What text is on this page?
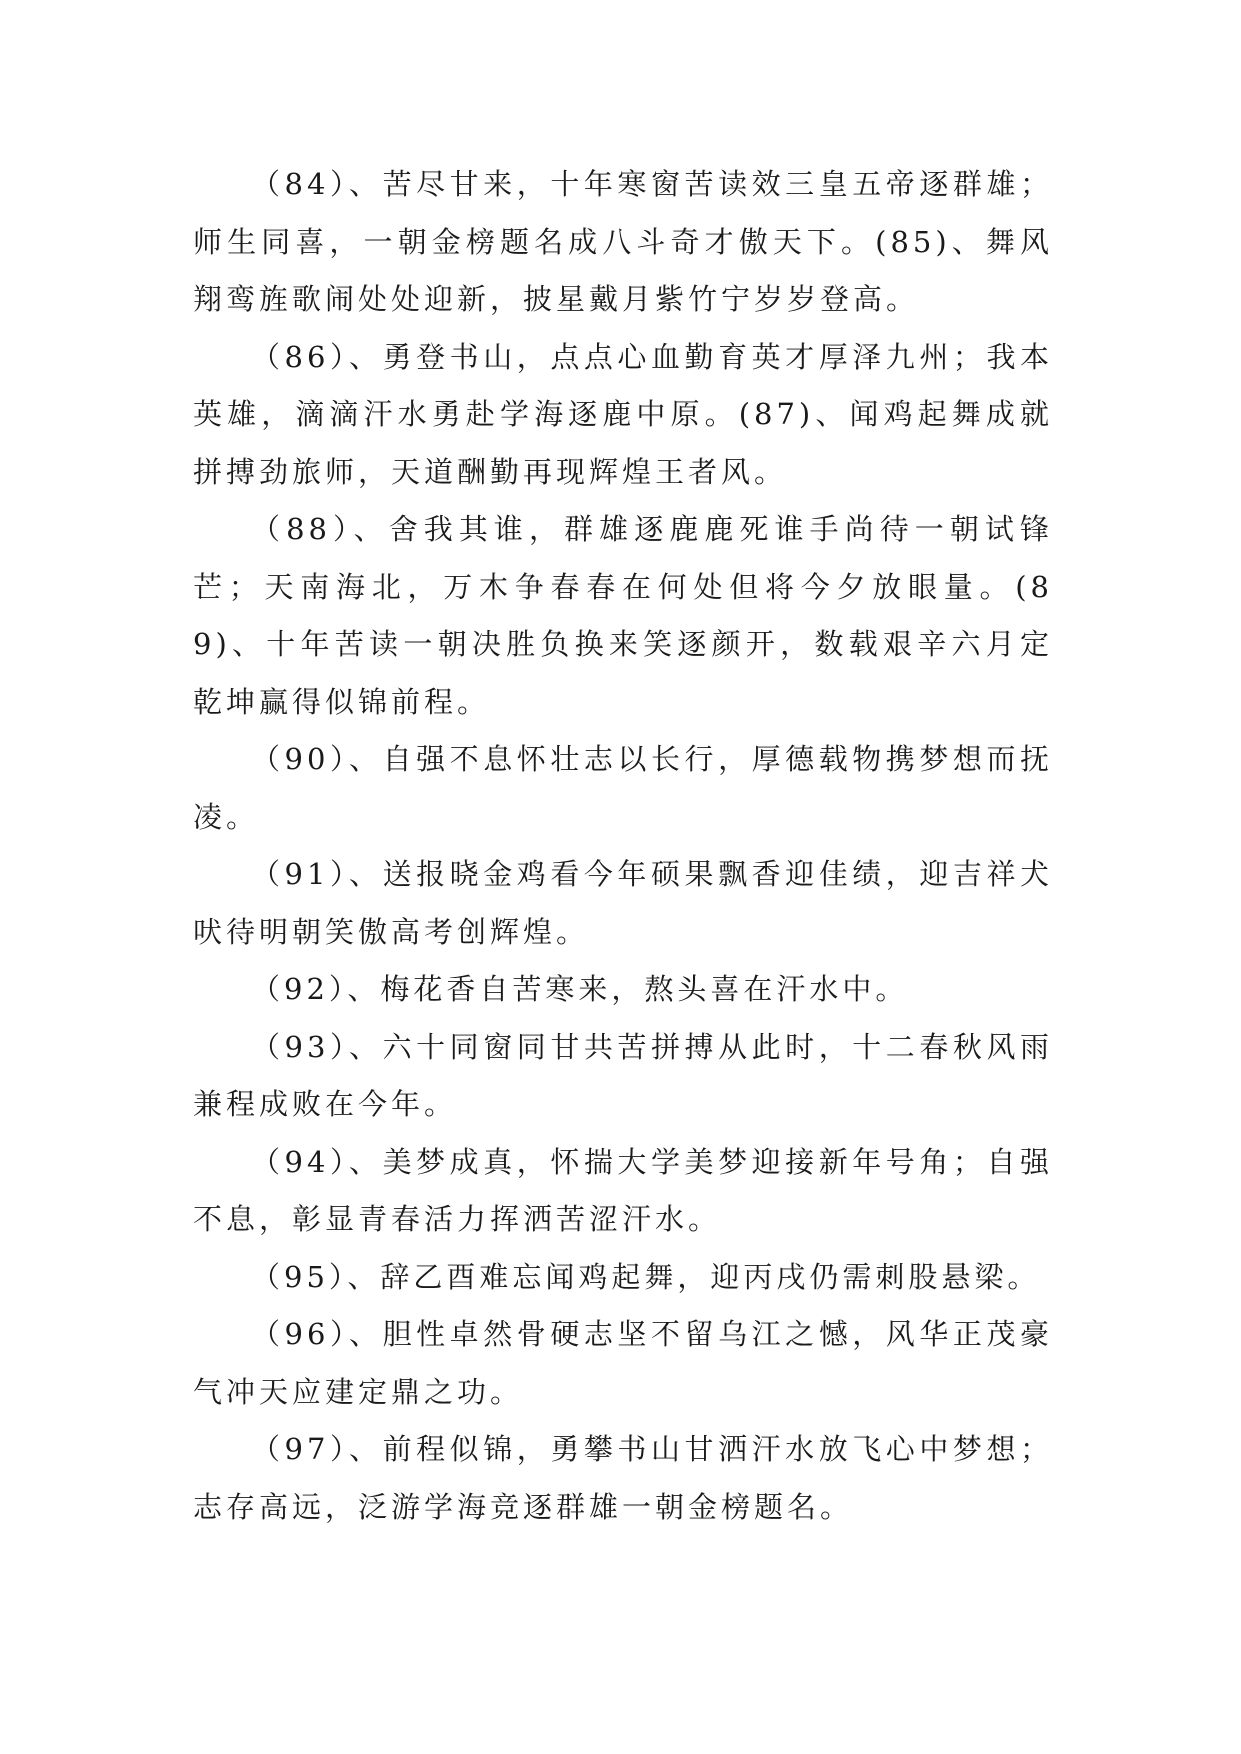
（84）、苦尽甘来，十年寒窗苦读效三皇五帝逐群雄；师生同喜，一朝金榜题名成八斗奇才傲天下。(85)、舞风翔鸾旌歌闹处处迎新，披星戴月紫竹宁岁岁登高。

（86）、勇登书山，点点心血勤育英才厚泽九州；我本英雄，滴滴汗水勇赴学海逐鹿中原。(87)、闻鸡起舞成就拼搏劲旅师，天道酬勤再现辉煌王者风。

（88）、舍我其谁，群雄逐鹿鹿死谁手尚待一朝试锋芒；天南海北，万木争春春在何处但将今夕放眼量。(89)、十年苦读一朝决胜负换来笑逐颜开，数载艰辛六月定乾坤赢得似锦前程。

（90）、自强不息怀壮志以长行，厚德载物携梦想而抚凌。

（91）、送报晓金鸡看今年硕果飘香迎佳绩，迎吉祥犬吠待明朝笑傲高考创辉煌。

（92）、梅花香自苦寒来，熬头喜在汗水中。

（93）、六十同窗同甘共苦拼搏从此时，十二春秋风雨兼程成败在今年。

（94）、美梦成真，怀揣大学美梦迎接新年号角；自强不息，彰显青春活力挥洒苦涩汗水。

（95）、辞乙酉难忘闻鸡起舞，迎丙戌仍需刺股悬梁。

（96）、胆性卓然骨硬志坚不留乌江之憾，风华正茂豪气冲天应建定鼎之功。

（97）、前程似锦，勇攀书山甘洒汗水放飞心中梦想；志存高远，泛游学海竞逐群雄一朝金榜题名。
